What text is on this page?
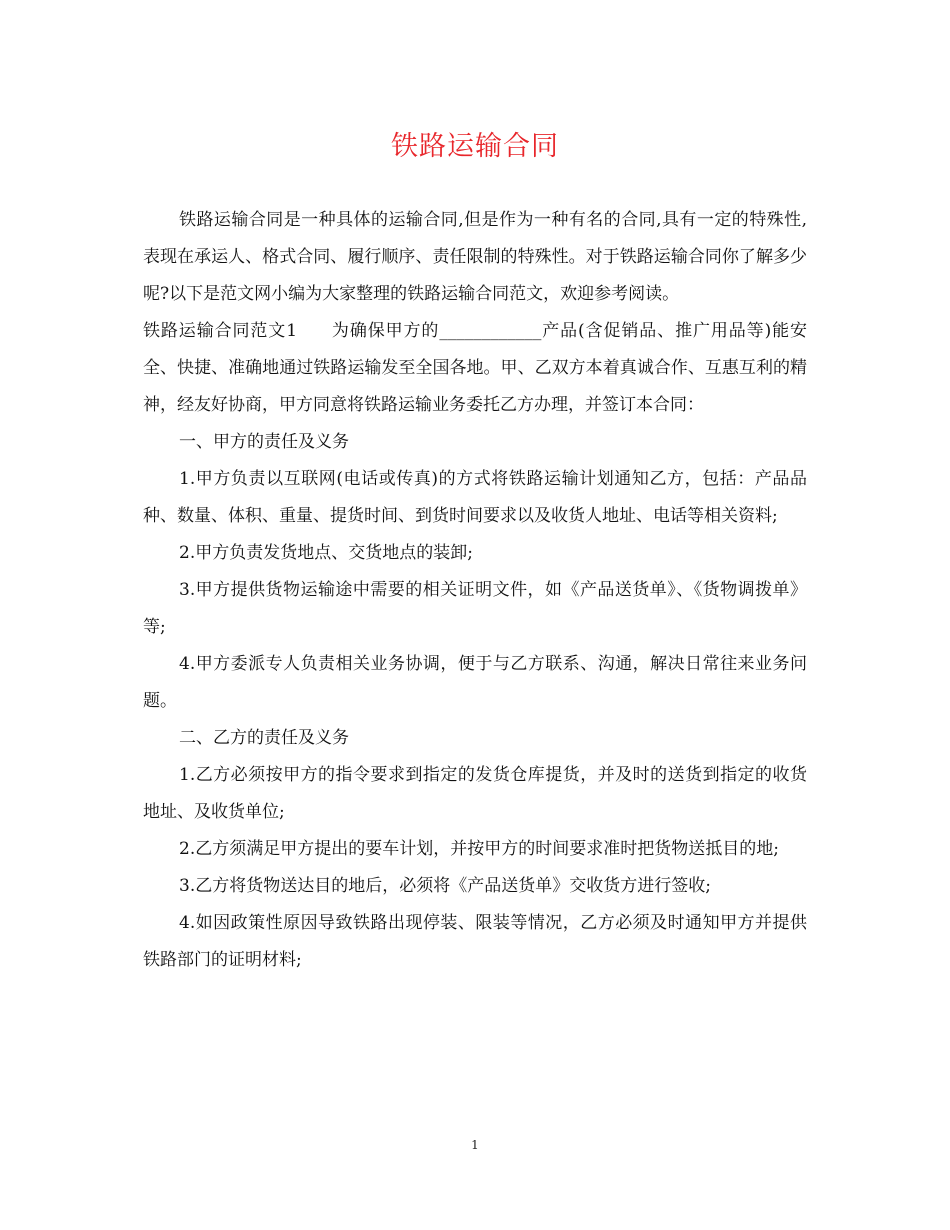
铁路运输合同

铁路运输合同是一种具体的运输合同,但是作为一种有名的合同,具有一定的特殊性,表现在承运人、格式合同、履行顺序、责任限制的特殊性。对于铁路运输合同你了解多少呢?以下是范文网小编为大家整理的铁路运输合同范文，欢迎参考阅读。

铁路运输合同范文1 为确保甲方的____________产品(含促销品、推广用品等)能安全、快捷、准确地通过铁路运输发至全国各地。甲、乙双方本着真诚合作、互惠互利的精神，经友好协商，甲方同意将铁路运输业务委托乙方办理，并签订本合同：

一、甲方的责任及义务

1.甲方负责以互联网(电话或传真)的方式将铁路运输计划通知乙方，包括：产品品种、数量、体积、重量、提货时间、到货时间要求以及收货人地址、电话等相关资料;

2.甲方负责发货地点、交货地点的装卸;

3.甲方提供货物运输途中需要的相关证明文件，如《产品送货单》、《货物调拨单》等;

4.甲方委派专人负责相关业务协调，便于与乙方联系、沟通，解决日常往来业务问题。

二、乙方的责任及义务

1.乙方必须按甲方的指令要求到指定的发货仓库提货，并及时的送货到指定的收货地址、及收货单位;

2.乙方须满足甲方提出的要车计划，并按甲方的时间要求准时把货物送抵目的地;

3.乙方将货物送达目的地后，必须将《产品送货单》交收货方进行签收;

4.如因政策性原因导致铁路出现停装、限装等情况，乙方必须及时通知甲方并提供铁路部门的证明材料;

1
